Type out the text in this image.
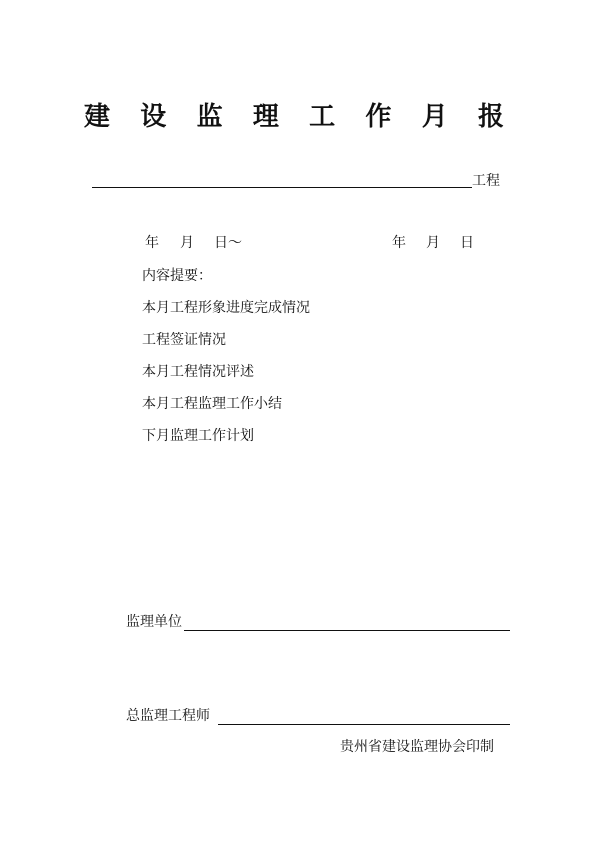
建 设 监 理 工 作 月 报
工程
年 月 日～	年 月 日
内容提要：
本月工程形象进度完成情况
工程签证情况
本月工程情况评述
本月工程监理工作小结
下月监理工作计划
监理单位
总监理工程师
贵州省建设监理协会印制
